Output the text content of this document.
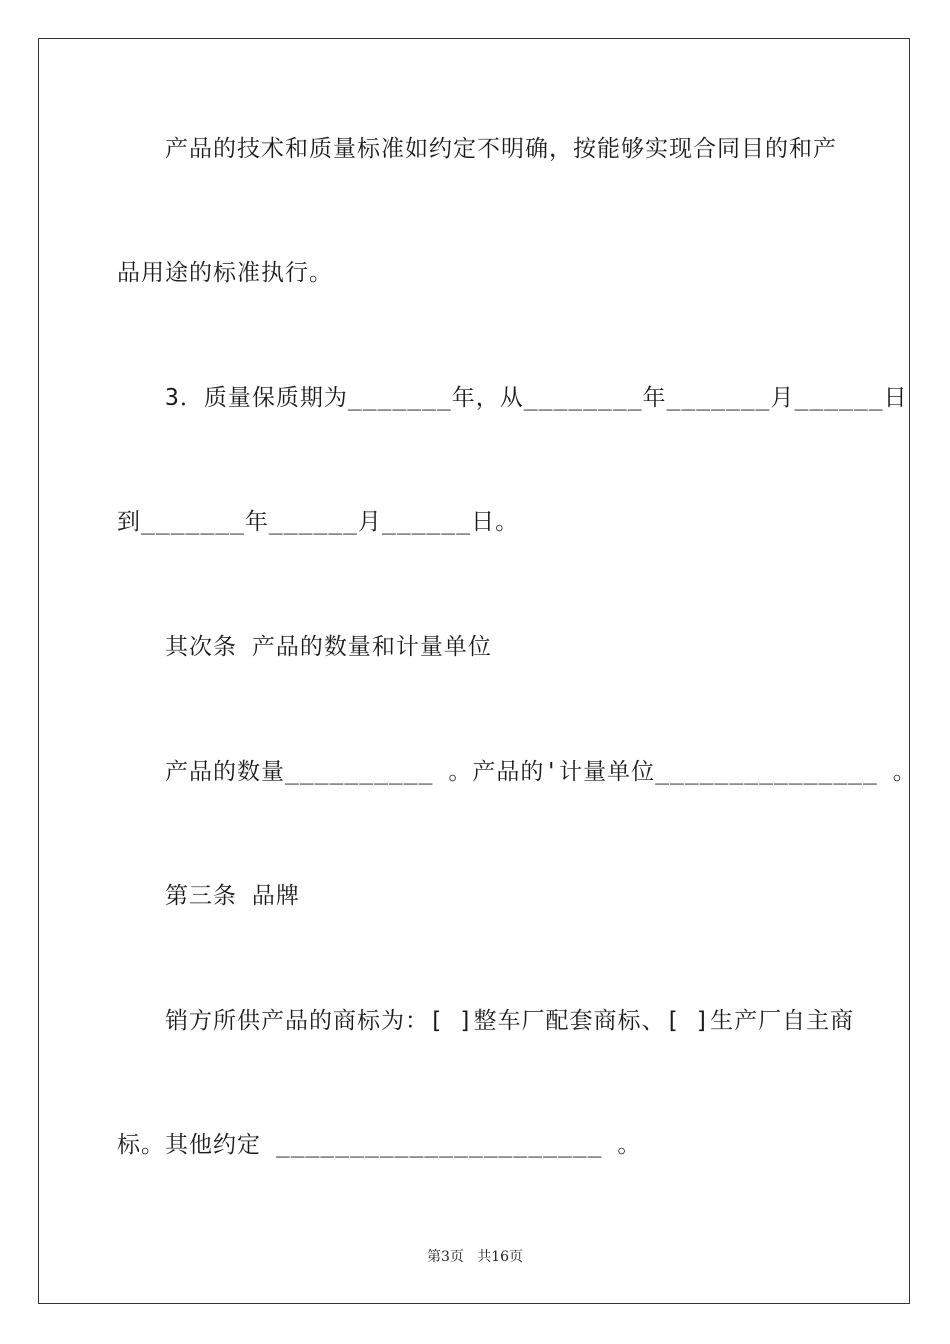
产品的技术和质量标准如约定不明确，按能够实现合同目的和产
品用途的标准执行。
3．质量保质期为_______年，从________年_______月______日
到_______年______月______日。
其次条 产品的数量和计量单位
产品的数量__________ 。产品的'计量单位_______________ 。
第三条 品牌
销方所供产品的商标为：[ ]整车厂配套商标、[ ]生产厂自主商
标。其他约定 ______________________ 。
第3页   共16页
